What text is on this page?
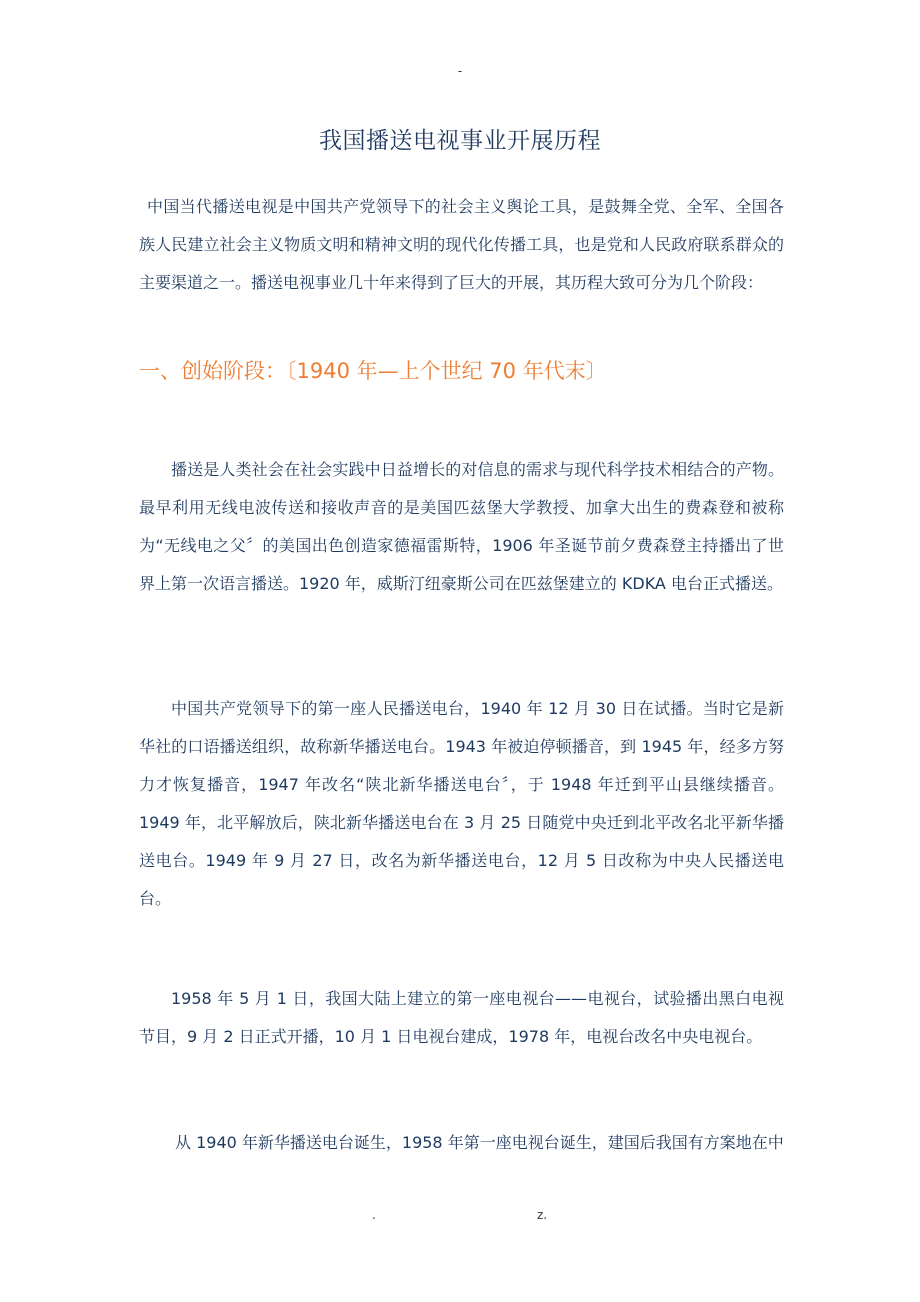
-
我国播送电视事业开展历程
中国当代播送电视是中国共产党领导下的社会主义舆论工具，是鼓舞全党、全军、全国各族人民建立社会主义物质文明和精神文明的现代化传播工具，也是党和人民政府联系群众的主要渠道之一。播送电视事业几十年来得到了巨大的开展，其历程大致可分为几个阶段：
一、创始阶段：〔1940 年—上个世纪 70 年代末〕
播送是人类社会在社会实践中日益增长的对信息的需求与现代科学技术相结合的产物。最早利用无线电波传送和接收声音的是美国匹兹堡大学教授、加拿大出生的费森登和被称为“无线电之父〞的美国出色创造家德福雷斯特，1906 年圣诞节前夕费森登主持播出了世界上第一次语言播送。1920 年，威斯汀纽豪斯公司在匹兹堡建立的 KDKA 电台正式播送。
中国共产党领导下的第一座人民播送电台，1940 年 12 月 30 日在试播。当时它是新华社的口语播送组织，故称新华播送电台。1943 年被迫停顿播音，到 1945 年，经多方努力才恢复播音，1947 年改名“陕北新华播送电台〞，于 1948 年迁到平山县继续播音。1949 年，北平解放后，陕北新华播送电台在 3 月 25 日随党中央迁到北平改名北平新华播送电台。1949 年 9 月 27 日，改名为新华播送电台，12 月 5 日改称为中央人民播送电台。
1958 年 5 月 1 日，我国大陆上建立的第一座电视台——电视台，试验播出黑白电视节目，9 月 2 日正式开播，10 月 1 日电视台建成，1978 年，电视台改名中央电视台。
从 1940 年新华播送电台诞生，1958 年第一座电视台诞生，建国后我国有方案地在中
.	z.
